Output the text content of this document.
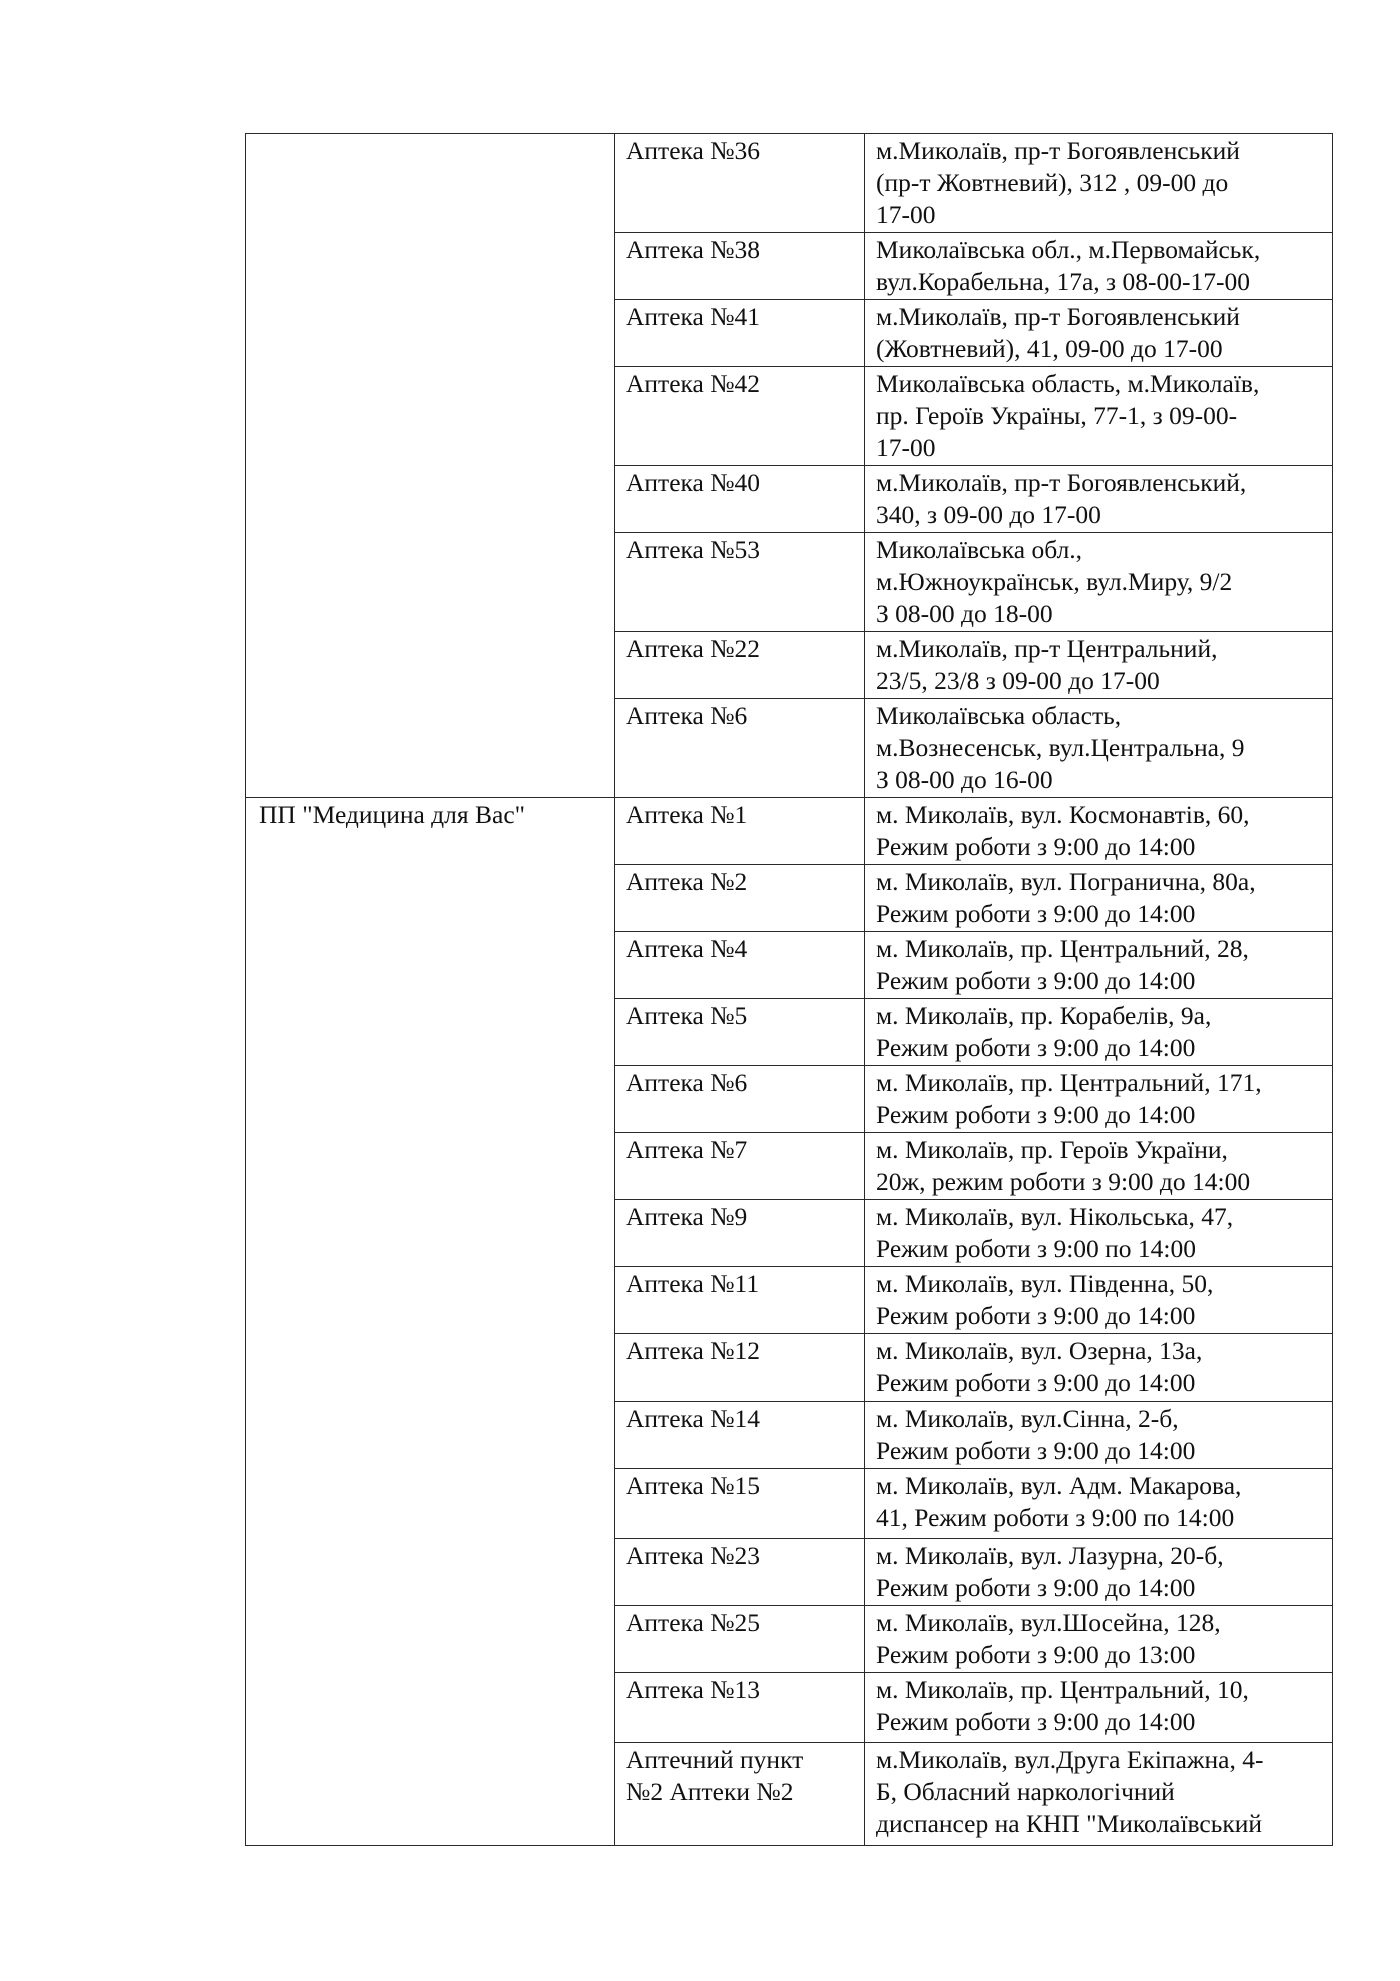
	Аптека №36	м.Миколаїв, пр-т Богоявленський
(пр-т Жовтневий), 312 , 09-00 до
17-00
	Аптека №38	Миколаївська обл., м.Первомайськ,
вул.Корабельна, 17а, з 08-00-17-00
	Аптека №41	м.Миколаїв, пр-т Богоявленський
(Жовтневий), 41, 09-00 до 17-00
	Аптека №42	Миколаївська область, м.Миколаїв,
пр. Героїв Україны, 77-1, з 09-00-
17-00
	Аптека №40	м.Миколаїв, пр-т Богоявленський,
340, з 09-00 до 17-00
	Аптека №53	Миколаївська обл.,
м.Южноукраїнськ, вул.Миру, 9/2
З 08-00 до 18-00
	Аптека №22	м.Миколаїв, пр-т Центральний,
23/5, 23/8 з 09-00 до 17-00
	Аптека №6	Миколаївська область,
м.Вознесенськ, вул.Центральна, 9
З 08-00 до 16-00
ПП "Медицина для Вас"	Аптека №1	м. Миколаїв, вул. Космонавтів, 60,
Режим роботи з 9:00 до 14:00
	Аптека №2	м. Миколаїв, вул. Погранична, 80а,
Режим роботи з 9:00 до 14:00
	Аптека №4	м. Миколаїв, пр. Центральний, 28,
Режим роботи з 9:00 до 14:00
	Аптека №5	м. Миколаїв, пр. Корабелів, 9а,
Режим роботи з 9:00 до 14:00
	Аптека №6	м. Миколаїв, пр. Центральний, 171,
Режим роботи з 9:00 до 14:00
	Аптека №7	м. Миколаїв, пр. Героїв України,
20ж, режим роботи з 9:00 до 14:00
	Аптека №9	м. Миколаїв, вул. Нікольська, 47,
Режим роботи з 9:00 по 14:00
	Аптека №11	м. Миколаїв, вул. Південна, 50,
Режим роботи з 9:00 до 14:00
	Аптека №12	м. Миколаїв, вул. Озерна, 13а,
Режим роботи з 9:00 до 14:00
	Аптека №14	м. Миколаїв, вул.Сінна, 2-б,
Режим роботи з 9:00 до 14:00
	Аптека №15	м. Миколаїв, вул. Адм. Макарова,
41, Режим роботи з 9:00 по 14:00
	Аптека №23	м. Миколаїв, вул. Лазурна, 20-б,
Режим роботи з 9:00 до 14:00
	Аптека №25	м. Миколаїв, вул.Шосейна, 128,
Режим роботи з 9:00 до 13:00
	Аптека №13	м. Миколаїв, пр. Центральний, 10,
Режим роботи з 9:00 до 14:00
	Аптечний пункт
№2 Аптеки №2	м.Миколаїв, вул.Друга Екіпажна, 4-
Б, Обласний наркологічний
диспансер на КНП "Миколаївський
